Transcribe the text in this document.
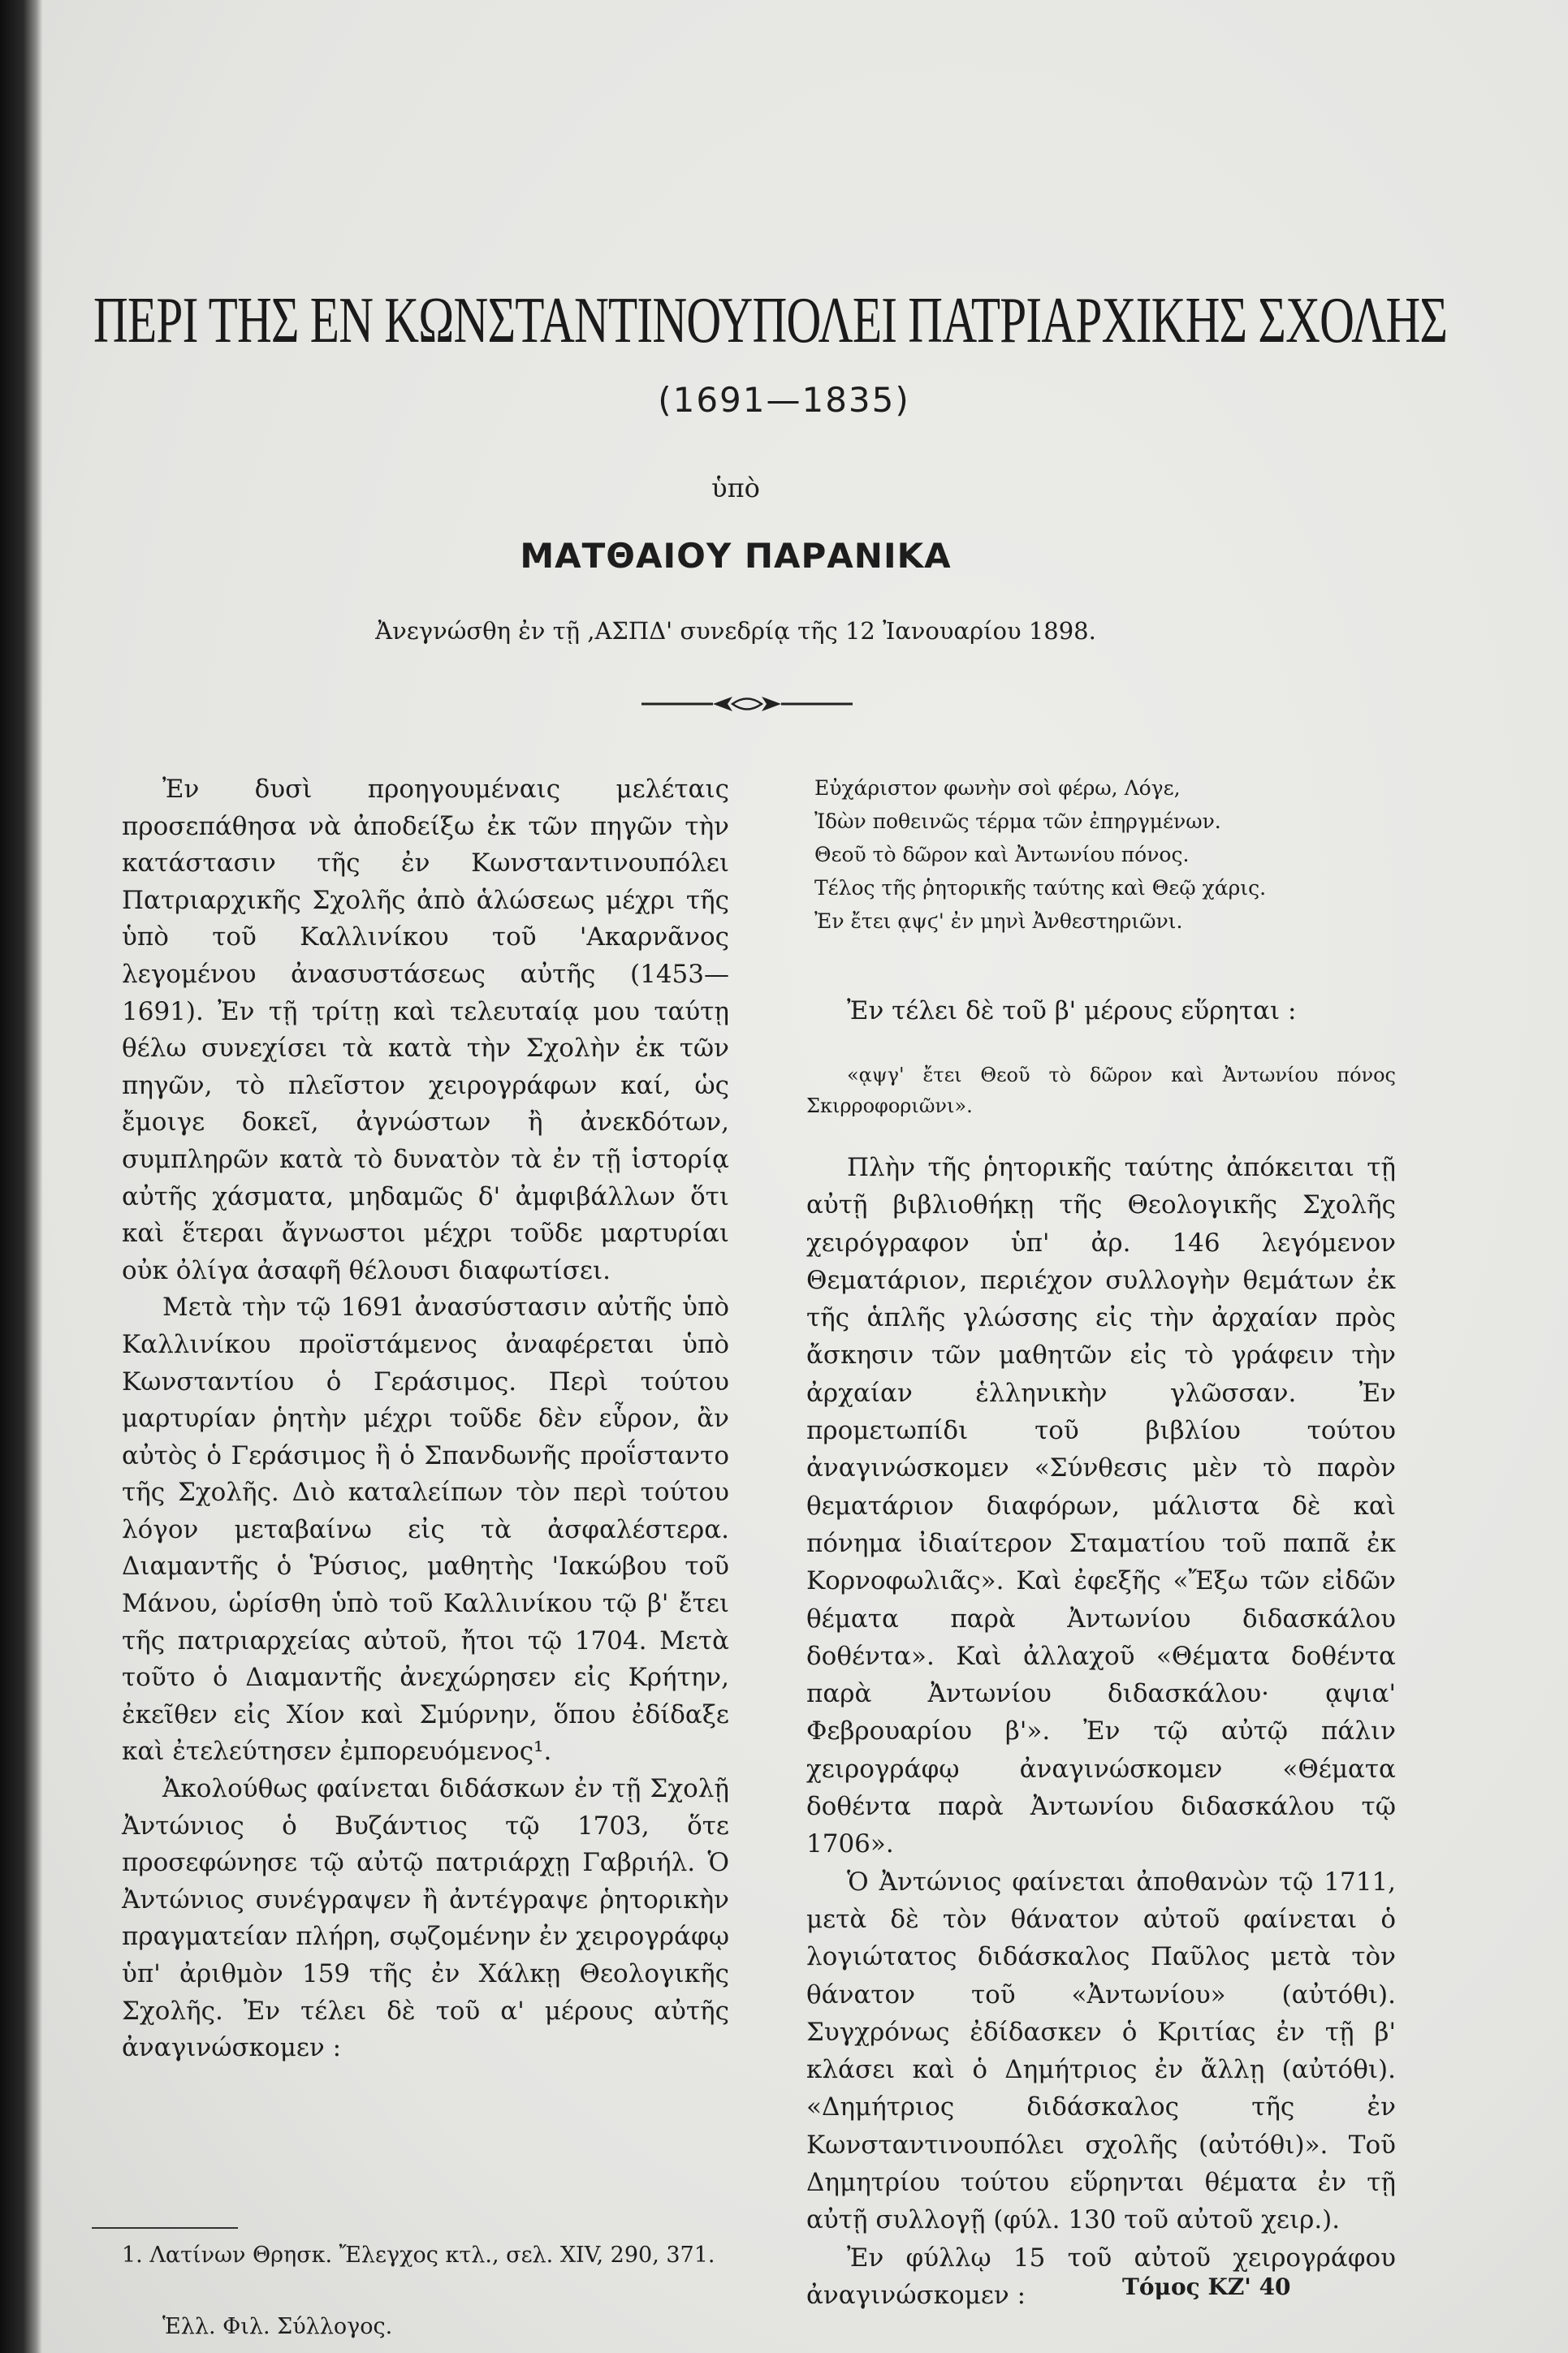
ΠΕΡΙ ΤΗΣ ΕΝ ΚΩΝΣΤΑΝΤΙΝΟΥΠΟΛΕΙ ΠΑΤΡΙΑΡΧΙΚΗΣ ΣΧΟΛΗΣ
(1691—1835)
ὑπὸ
ΜΑΤΘΑΙΟΥ ΠΑΡΑΝΙΚΑ
Ἀνεγνώσθη ἐν τῇ ,ΑΣΠΔ' συνεδρίᾳ τῆς 12 Ἰανουαρίου 1898.

Ἐν δυσὶ προηγουμέναις μελέταις προσεπάθησα νὰ ἀποδείξω ἐκ τῶν πηγῶν τὴν κατάστασιν τῆς ἐν Κωνσταντινουπόλει Πατριαρχικῆς Σχολῆς ἀπὸ ἁλώσεως μέχρι τῆς ὑπὸ τοῦ Καλλινίκου τοῦ 'Ακαρνᾶνος λεγομένου ἀνασυστάσεως αὐτῆς (1453—1691). Ἐν τῇ τρίτῃ καὶ τελευταίᾳ μου ταύτῃ θέλω συνεχίσει τὰ κατὰ τὴν Σχολὴν ἐκ τῶν πηγῶν, τὸ πλεῖστον χειρογράφων καί, ὡς ἔμοιγε δοκεῖ, ἀγνώστων ἢ ἀνεκδότων, συμπληρῶν κατὰ τὸ δυνατὸν τὰ ἐν τῇ ἱστορίᾳ αὐτῆς χάσματα, μηδαμῶς δ' ἀμφιβάλλων ὅτι καὶ ἕτεραι ἄγνωστοι μέχρι τοῦδε μαρτυρίαι οὐκ ὀλίγα ἀσαφῆ θέλουσι διαφωτίσει.

Μετὰ τὴν τῷ 1691 ἀνασύστασιν αὐτῆς ὑπὸ Καλλινίκου προϊστάμενος ἀναφέρεται ὑπὸ Κωνσταντίου ὁ Γεράσιμος. Περὶ τούτου μαρτυρίαν ῥητὴν μέχρι τοῦδε δὲν εὗρον, ἂν αὐτὸς ὁ Γεράσιμος ἢ ὁ Σπανδωνῆς προΐσταντο τῆς Σχολῆς. Διὸ καταλείπων τὸν περὶ τούτου λόγον μεταβαίνω εἰς τὰ ἀσφαλέστερα. Διαμαντῆς ὁ Ῥύσιος, μαθητὴς 'Ιακώβου τοῦ Μάνου, ὡρίσθη ὑπὸ τοῦ Καλλινίκου τῷ β' ἔτει τῆς πατριαρχείας αὐτοῦ, ἤτοι τῷ 1704. Μετὰ τοῦτο ὁ Διαμαντῆς ἀνεχώρησεν εἰς Κρήτην, ἐκεῖθεν εἰς Χίον καὶ Σμύρνην, ὅπου ἐδίδαξε καὶ ἐτελεύτησεν ἐμπορευόμενος¹.

Ἀκολούθως φαίνεται διδάσκων ἐν τῇ Σχολῇ Ἀντώνιος ὁ Βυζάντιος τῷ 1703, ὅτε προσεφώνησε τῷ αὐτῷ πατριάρχῃ Γαβριήλ. Ὁ Ἀντώνιος συνέγραψεν ἢ ἀντέγραψε ῥητορικὴν πραγματείαν πλήρη, σῳζομένην ἐν χειρογράφῳ ὑπ' ἀριθμὸν 159 τῆς ἐν Χάλκῃ Θεολογικῆς Σχολῆς. Ἐν τέλει δὲ τοῦ α' μέρους αὐτῆς ἀναγινώσκομεν :

Εὐχάριστον φωνὴν σοὶ φέρω, Λόγε,
Ἰδὼν ποθεινῶς τέρμα τῶν ἐπηργμένων.
Θεοῦ τὸ δῶρον καὶ Ἀντωνίου πόνος.
Τέλος τῆς ῥητορικῆς ταύτης καὶ Θεῷ χάρις.
Ἐν ἔτει ᾳψϛ' ἐν μηνὶ Ἀνθεστηριῶνι.

Ἐν τέλει δὲ τοῦ β' μέρους εὕρηται :

«ᾳψγ' ἔτει Θεοῦ τὸ δῶρον καὶ Ἀντωνίου πόνος Σκιρροφοριῶνι».

Πλὴν τῆς ῥητορικῆς ταύτης ἀπόκειται τῇ αὐτῇ βιβλιοθήκῃ τῆς Θεολογικῆς Σχολῆς χειρόγραφον ὑπ' ἀρ. 146 λεγόμενον Θεματάριον, περιέχον συλλογὴν θεμάτων ἐκ τῆς ἁπλῆς γλώσσης εἰς τὴν ἀρχαίαν πρὸς ἄσκησιν τῶν μαθητῶν εἰς τὸ γράφειν τὴν ἀρχαίαν ἑλληνικὴν γλῶσσαν. Ἐν προμετωπίδι τοῦ βιβλίου τούτου ἀναγινώσκομεν «Σύνθεσις μὲν τὸ παρὸν θεματάριον διαφόρων, μάλιστα δὲ καὶ πόνημα ἰδιαίτερον Σταματίου τοῦ παπᾶ ἐκ Κορνοφωλιᾶς». Καὶ ἐφεξῆς «Ἔξω τῶν εἰδῶν θέματα παρὰ Ἀντωνίου διδασκάλου δοθέντα». Καὶ ἀλλαχοῦ «Θέματα δοθέντα παρὰ Ἀντωνίου διδασκάλου· ᾳψια' Φεβρουαρίου β'». Ἐν τῷ αὐτῷ πάλιν χειρογράφῳ ἀναγινώσκομεν «Θέματα δοθέντα παρὰ Ἀντωνίου διδασκάλου τῷ 1706».

Ὁ Ἀντώνιος φαίνεται ἀποθανὼν τῷ 1711, μετὰ δὲ τὸν θάνατον αὐτοῦ φαίνεται ὁ λογιώτατος διδάσκαλος Παῦλος μετὰ τὸν θάνατον τοῦ «Ἀντωνίου» (αὐτόθι). Συγχρόνως ἐδίδασκεν ὁ Κριτίας ἐν τῇ β' κλάσει καὶ ὁ Δημήτριος ἐν ἄλλῃ (αὐτόθι). «Δημήτριος διδάσκαλος τῆς ἐν Κωνσταντινουπόλει σχολῆς (αὐτόθι)». Τοῦ Δημητρίου τούτου εὕρηνται θέματα ἐν τῇ αὐτῇ συλλογῇ (φύλ. 130 τοῦ αὐτοῦ χειρ.).

Ἐν φύλλῳ 15 τοῦ αὐτοῦ χειρογράφου ἀναγινώσκομεν :

1. Λατίνων Θρησκ. Ἔλεγχος κτλ., σελ. XIV, 290, 371.
Ἑλλ. Φιλ. Σύλλογος.
Τόμος ΚΖ' 40
